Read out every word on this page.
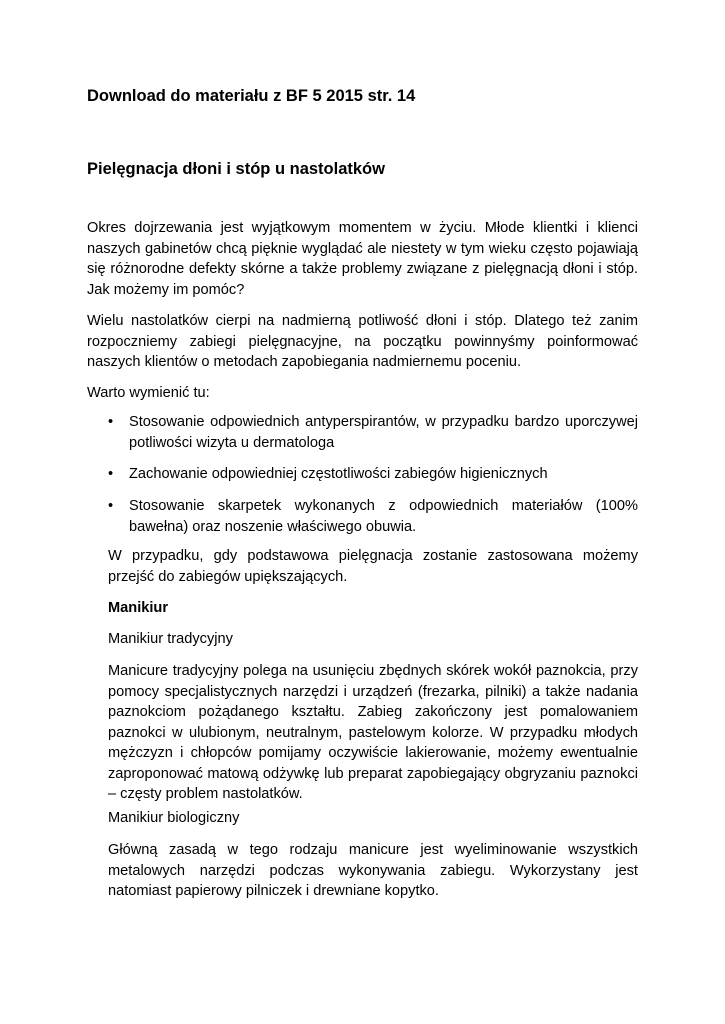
Download do materiału z BF 5 2015 str. 14
Pielęgnacja dłoni i stóp u nastolatków

Okres dojrzewania jest wyjątkowym momentem w życiu. Młode klientki i klienci naszych gabinetów chcą pięknie wyglądać ale niestety w tym wieku często pojawiają się różnorodne defekty skórne a także problemy związane z pielęgnacją dłoni i stóp. Jak możemy im pomóc?

Wielu nastolatków cierpi na nadmierną potliwość dłoni i stóp. Dlatego też zanim rozpoczniemy zabiegi pielęgnacyjne, na początku powinnyśmy poinformować naszych klientów o metodach zapobiegania nadmiernemu poceniu.

Warto wymienić tu:

•	Stosowanie odpowiednich antyperspirantów, w przypadku bardzo uporczywej potliwości wizyta u dermatologa
•	Zachowanie odpowiedniej częstotliwości zabiegów higienicznych
•	Stosowanie skarpetek wykonanych z odpowiednich materiałów (100% bawełna) oraz noszenie właściwego obuwia.

W przypadku, gdy podstawowa pielęgnacja zostanie zastosowana możemy przejść do zabiegów upiększających.

Manikiur

Manikiur tradycyjny

Manicure tradycyjny polega na usunięciu zbędnych skórek wokół paznokcia, przy pomocy specjalistycznych narzędzi i urządzeń (frezarka, pilniki) a także nadania paznokciom pożądanego kształtu. Zabieg zakończony jest pomalowaniem paznokci w ulubionym, neutralnym, pastelowym kolorze. W przypadku młodych mężczyzn i chłopców pomijamy oczywiście lakierowanie, możemy ewentualnie zaproponować matową odżywkę lub preparat zapobiegający obgryzaniu paznokci – częsty problem nastolatków.

Manikiur biologiczny

Główną zasadą w tego rodzaju manicure jest wyeliminowanie wszystkich metalowych narzędzi podczas wykonywania zabiegu. Wykorzystany jest natomiast papierowy pilniczek i drewniane kopytko.
